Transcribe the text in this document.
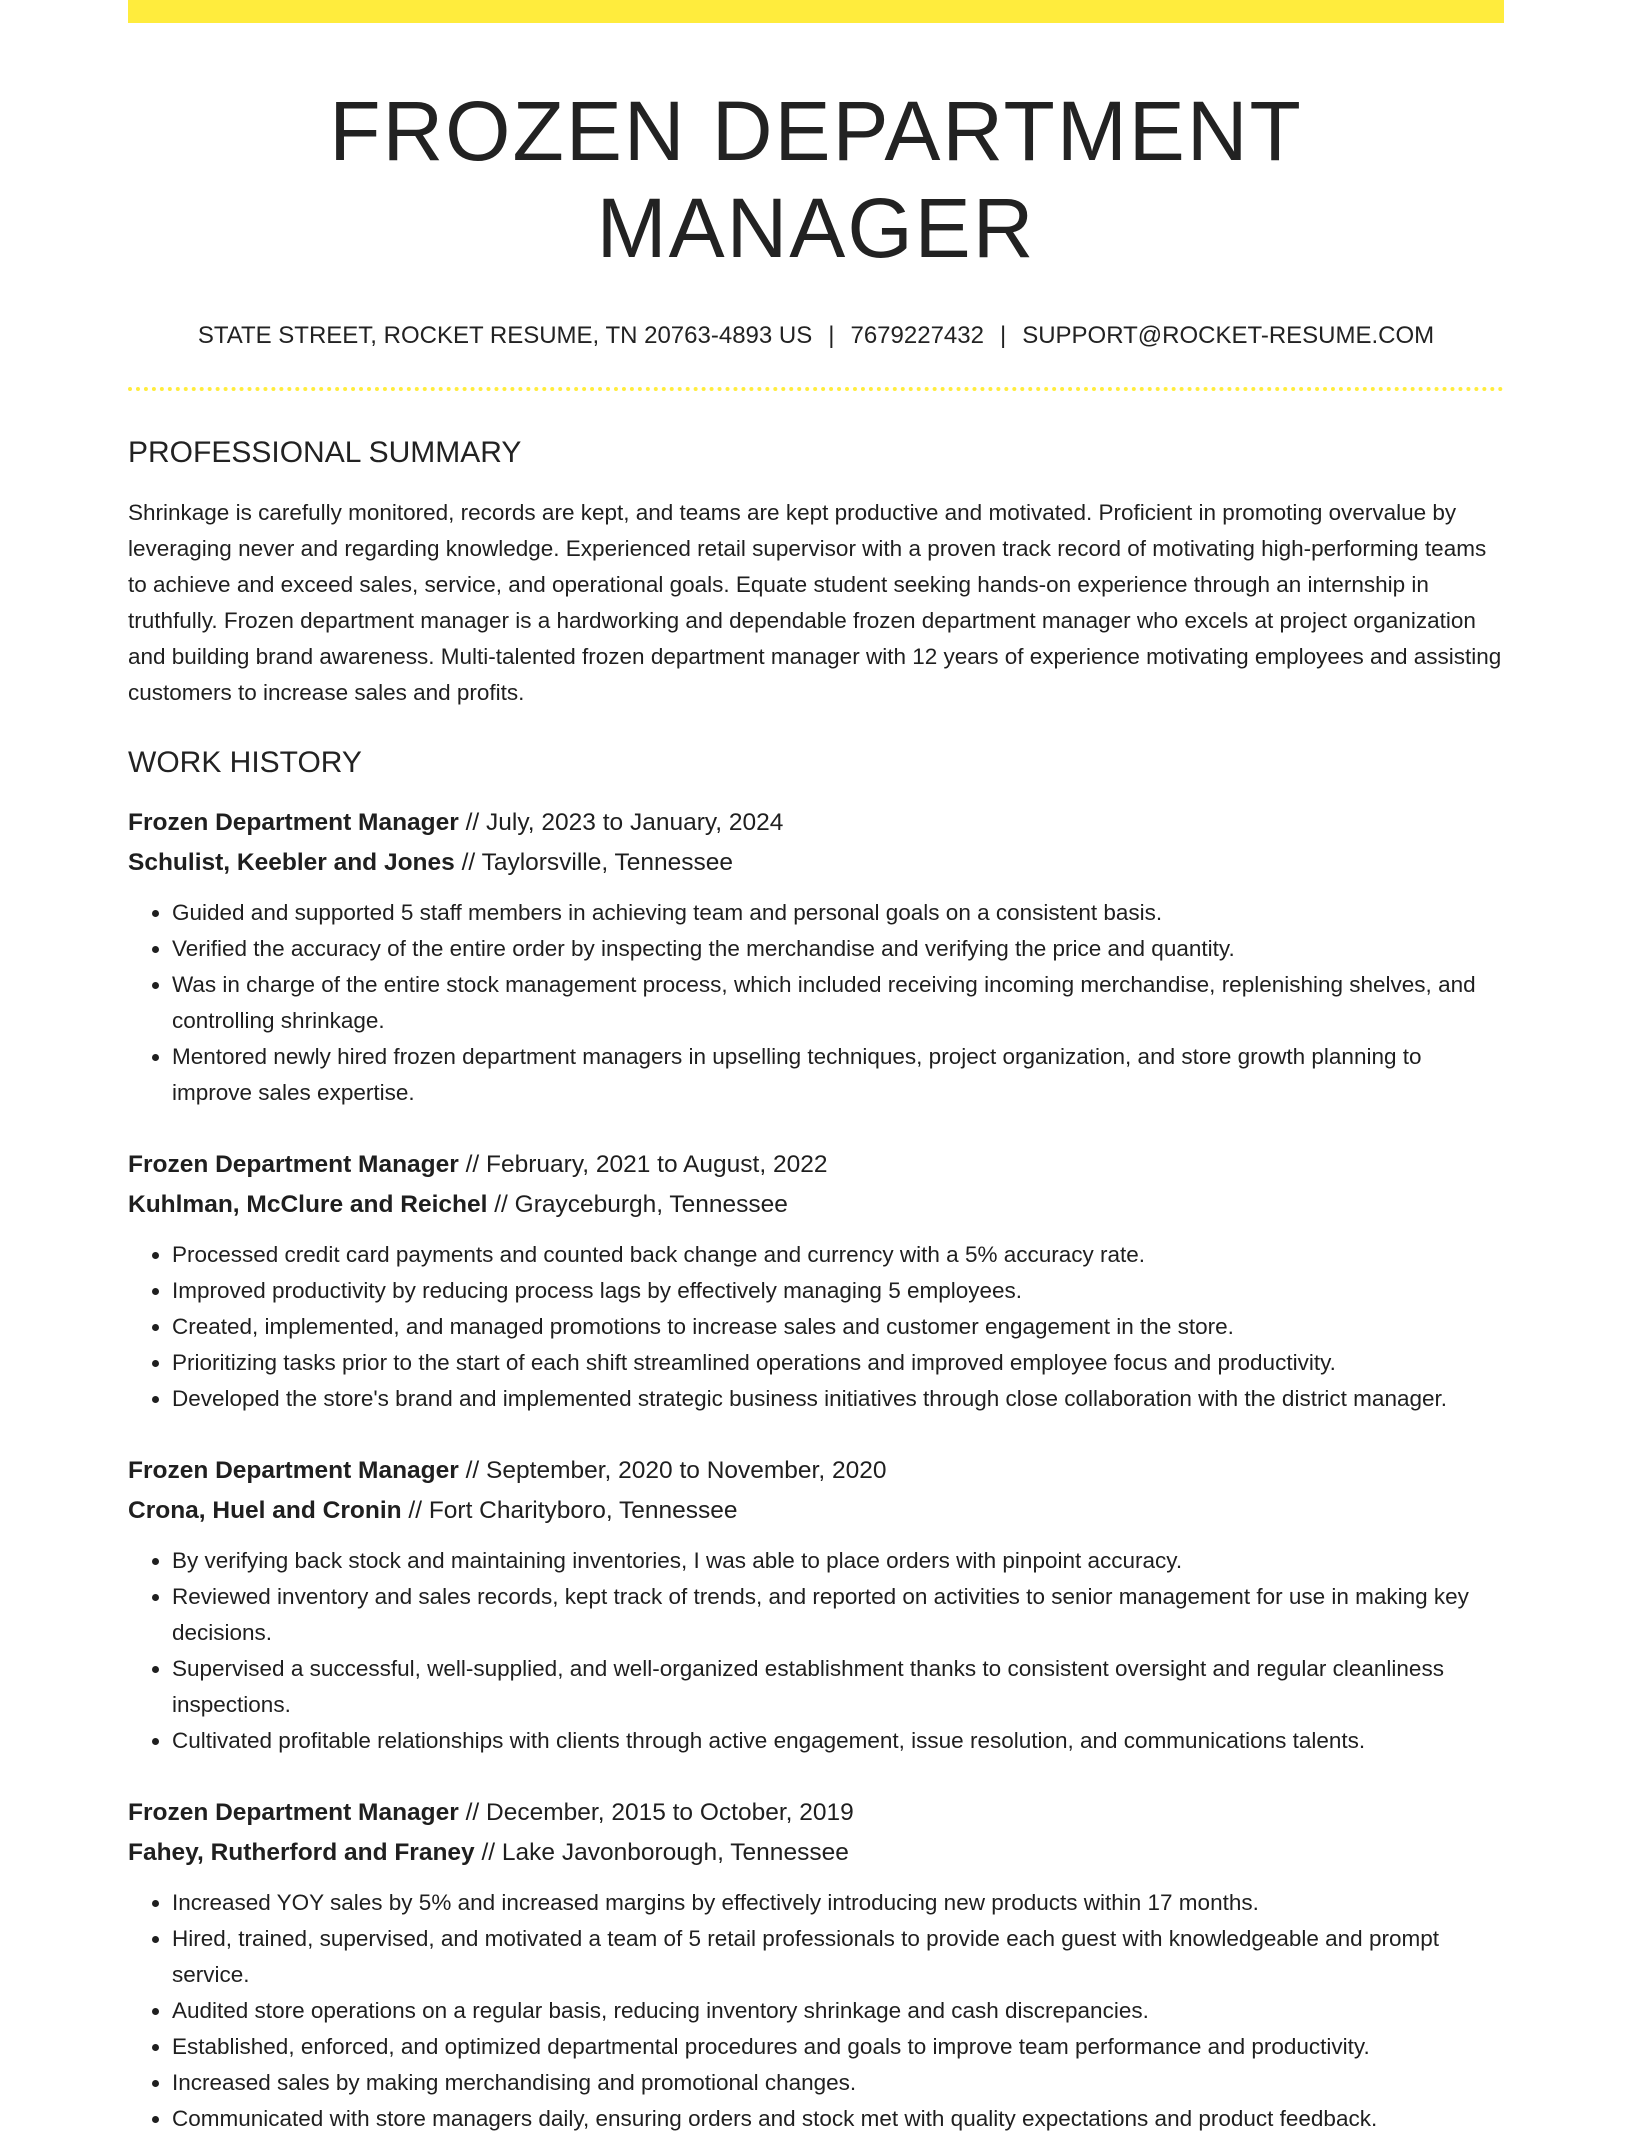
FROZEN DEPARTMENT MANAGER
STATE STREET, ROCKET RESUME, TN 20763-4893 US | 7679227432 | SUPPORT@ROCKET-RESUME.COM
PROFESSIONAL SUMMARY

Shrinkage is carefully monitored, records are kept, and teams are kept productive and motivated. Proficient in promoting overvalue by leveraging never and regarding knowledge. Experienced retail supervisor with a proven track record of motivating high-performing teams to achieve and exceed sales, service, and operational goals. Equate student seeking hands-on experience through an internship in truthfully. Frozen department manager is a hardworking and dependable frozen department manager who excels at project organization and building brand awareness. Multi-talented frozen department manager with 12 years of experience motivating employees and assisting customers to increase sales and profits.

WORK HISTORY
Frozen Department Manager // July, 2023 to January, 2024
Schulist, Keebler and Jones // Taylorsville, Tennessee
• Guided and supported 5 staff members in achieving team and personal goals on a consistent basis.
• Verified the accuracy of the entire order by inspecting the merchandise and verifying the price and quantity.
• Was in charge of the entire stock management process, which included receiving incoming merchandise, replenishing shelves, and controlling shrinkage.
• Mentored newly hired frozen department managers in upselling techniques, project organization, and store growth planning to improve sales expertise.
Frozen Department Manager // February, 2021 to August, 2022
Kuhlman, McClure and Reichel // Grayceburgh, Tennessee
• Processed credit card payments and counted back change and currency with a 5% accuracy rate.
• Improved productivity by reducing process lags by effectively managing 5 employees.
• Created, implemented, and managed promotions to increase sales and customer engagement in the store.
• Prioritizing tasks prior to the start of each shift streamlined operations and improved employee focus and productivity.
• Developed the store's brand and implemented strategic business initiatives through close collaboration with the district manager.
Frozen Department Manager // September, 2020 to November, 2020
Crona, Huel and Cronin // Fort Charityboro, Tennessee
• By verifying back stock and maintaining inventories, I was able to place orders with pinpoint accuracy.
• Reviewed inventory and sales records, kept track of trends, and reported on activities to senior management for use in making key decisions.
• Supervised a successful, well-supplied, and well-organized establishment thanks to consistent oversight and regular cleanliness inspections.
• Cultivated profitable relationships with clients through active engagement, issue resolution, and communications talents.
Frozen Department Manager // December, 2015 to October, 2019
Fahey, Rutherford and Franey // Lake Javonborough, Tennessee
• Increased YOY sales by 5% and increased margins by effectively introducing new products within 17 months.
• Hired, trained, supervised, and motivated a team of 5 retail professionals to provide each guest with knowledgeable and prompt service.
• Audited store operations on a regular basis, reducing inventory shrinkage and cash discrepancies.
• Established, enforced, and optimized departmental procedures and goals to improve team performance and productivity.
• Increased sales by making merchandising and promotional changes.
• Communicated with store managers daily, ensuring orders and stock met with quality expectations and product feedback.
